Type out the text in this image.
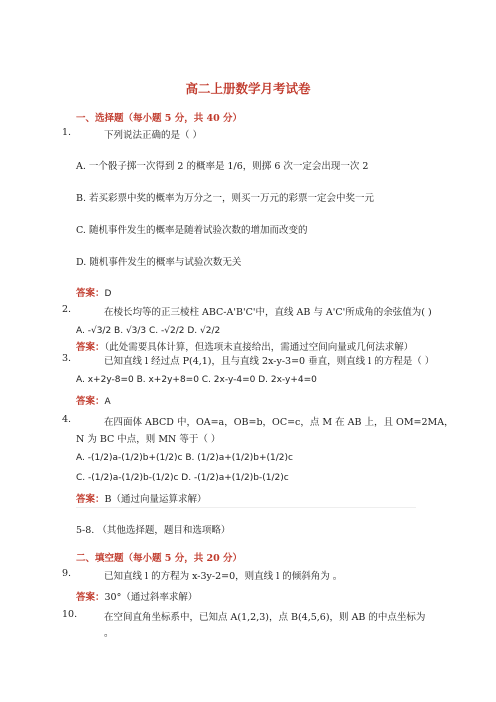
高二上册数学月考试卷
一、选择题（每小题 5 分，共 40 分）
1.	下列说法正确的是（ ）
A. 一个骰子掷一次得到 2 的概率是 1/6，则掷 6 次一定会出现一次 2
B. 若买彩票中奖的概率为万分之一，则买一万元的彩票一定会中奖一元
C. 随机事件发生的概率是随着试验次数的增加而改变的
D. 随机事件发生的概率与试验次数无关
答案：D
2.	在棱长均等的正三棱柱 ABC-A'B'C'中，直线 AB 与 A'C'所成角的余弦值为( )
A. -√3/2 B. √3/3 C. -√2/2 D. √2/2
答案：（此处需要具体计算，但选项未直接给出，需通过空间向量或几何法求解）
3.	已知直线 l 经过点 P(4,1)，且与直线 2x-y-3=0 垂直，则直线 l 的方程是（ ）
A. x+2y-8=0 B. x+2y+8=0 C. 2x-y-4=0 D. 2x-y+4=0
答案：A
4.	在四面体 ABCD 中，OA=a，OB=b，OC=c，点 M 在 AB 上，且 OM=2MA，
N 为 BC 中点，则 MN 等于（ ）
A. -(1/2)a-(1/2)b+(1/2)c B. (1/2)a+(1/2)b+(1/2)c
C. -(1/2)a-(1/2)b-(1/2)c D. -(1/2)a+(1/2)b-(1/2)c
答案：B（通过向量运算求解）
5-8. （其他选择题，题目和选项略）
二、填空题（每小题 5 分，共 20 分）
9.	已知直线 l 的方程为 x-3y-2=0，则直线 l 的倾斜角为 。
答案：30°（通过斜率求解）
10.	在空间直角坐标系中，已知点 A(1,2,3)，点 B(4,5,6)，则 AB 的中点坐标为
。
